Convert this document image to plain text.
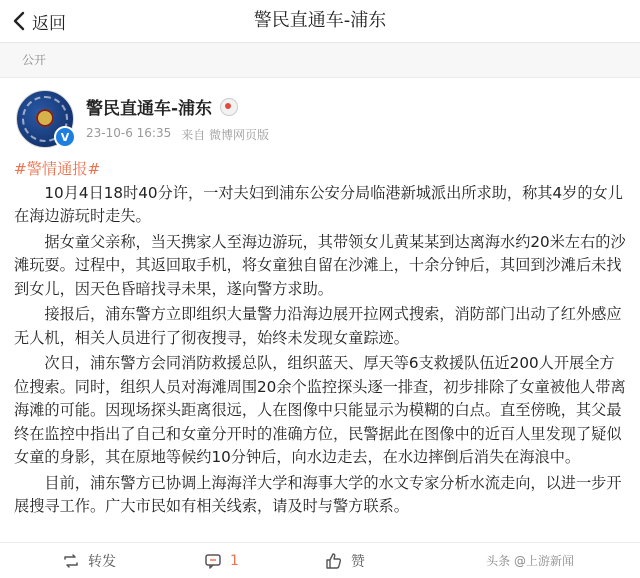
返回	警民直通车-浦东
公开
V
警民直通车-浦东
23-10-6 16:35 来自 微博网页版
#警情通报#

10月4日18时40分许，一对夫妇到浦东公安分局临港新城派出所求助，称其4岁的女儿在海边游玩时走失。

据女童父亲称，当天携家人至海边游玩，其带领女儿黄某某到达离海水约20米左右的沙滩玩耍。过程中，其返回取手机，将女童独自留在沙滩上，十余分钟后，其回到沙滩后未找到女儿，因天色昏暗找寻未果，遂向警方求助。

接报后，浦东警方立即组织大量警力沿海边展开拉网式搜索，消防部门出动了红外感应无人机，相关人员进行了彻夜搜寻，始终未发现女童踪迹。

次日，浦东警方会同消防救援总队，组织蓝天、厚天等6支救援队伍近200人开展全方位搜索。同时，组织人员对海滩周围20余个监控探头逐一排查，初步排除了女童被他人带离海滩的可能。因现场探头距离很远，人在图像中只能显示为模糊的白点。直至傍晚，其父最终在监控中指出了自己和女童分开时的准确方位，民警据此在图像中的近百人里发现了疑似女童的身影，其在原地等候约10分钟后，向水边走去，在水边摔倒后消失在海浪中。

目前，浦东警方已协调上海海洋大学和海事大学的水文专家分析水流走向，以进一步开展搜寻工作。广大市民如有相关线索，请及时与警方联系。

转发	1	赞	头条 @上游新闻
